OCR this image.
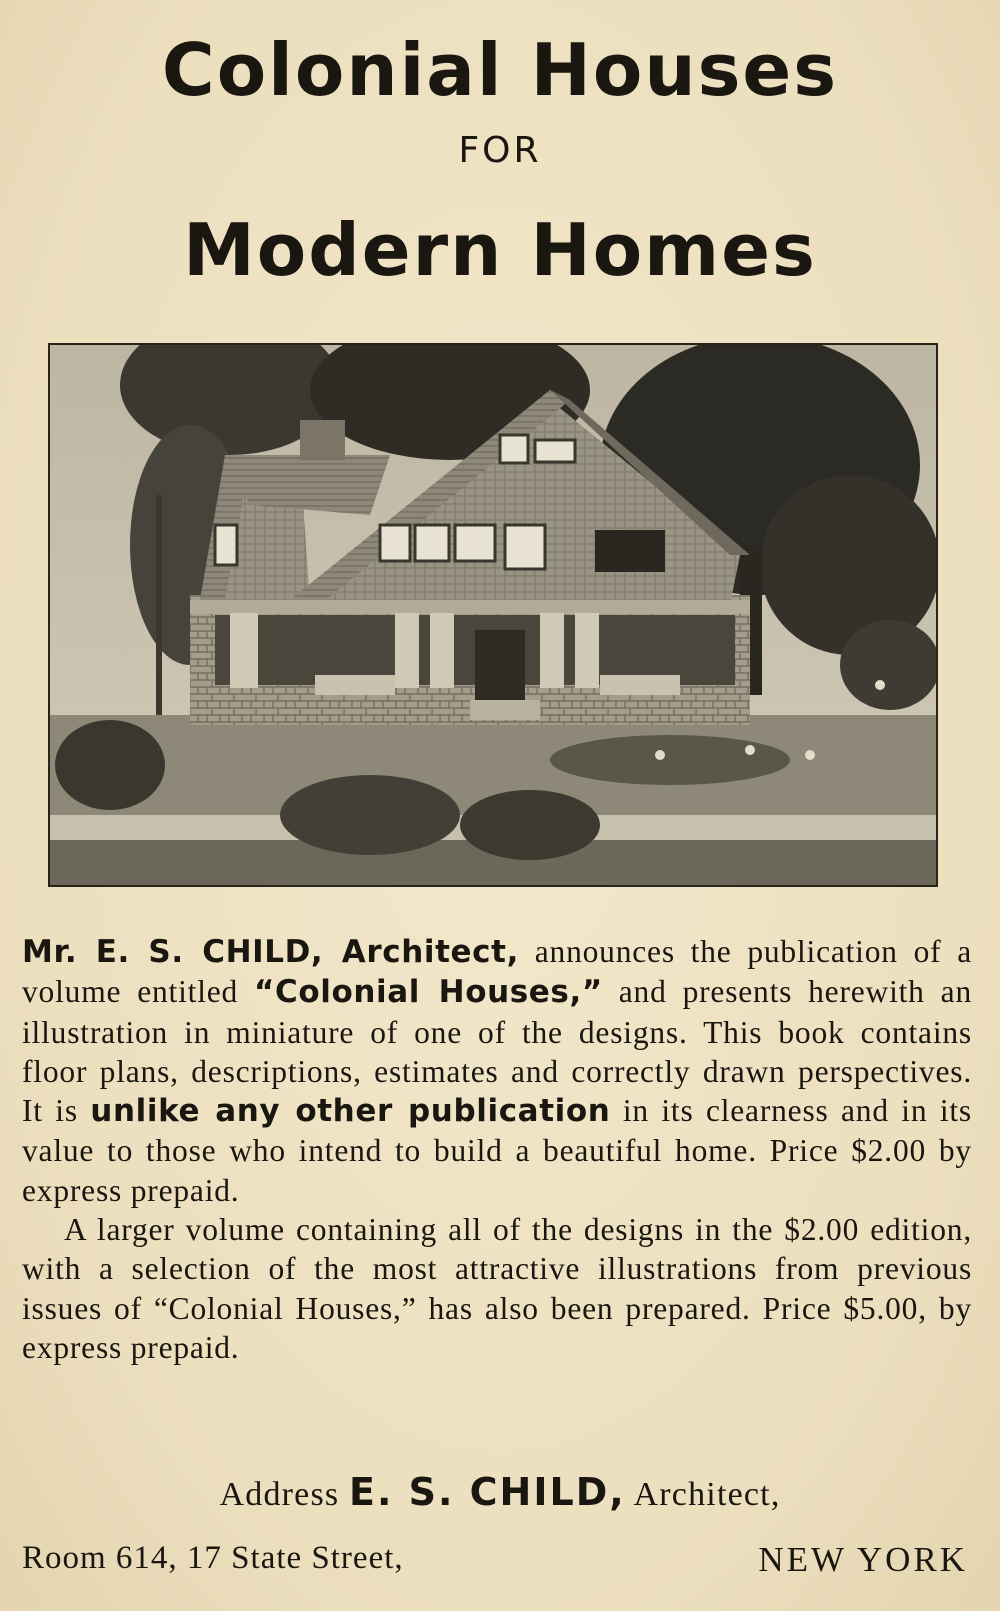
Colonial Houses
FOR
Modern Homes

Mr. E. S. CHILD, Architect, announces the publication of a volume entitled “Colonial Houses,” and presents herewith an illustration in miniature of one of the designs. This book contains floor plans, descriptions, estimates and correctly drawn perspectives. It is unlike any other publication in its clearness and in its value to those who intend to build a beautiful home. Price $2.00 by express prepaid.

A larger volume containing all of the designs in the $2.00 edition, with a selection of the most attractive illustrations from previous issues of “Colonial Houses,” has also been prepared. Price $5.00, by express prepaid.

Address E. S. CHILD, Architect,
Room 614, 17 State Street,	NEW YORK
